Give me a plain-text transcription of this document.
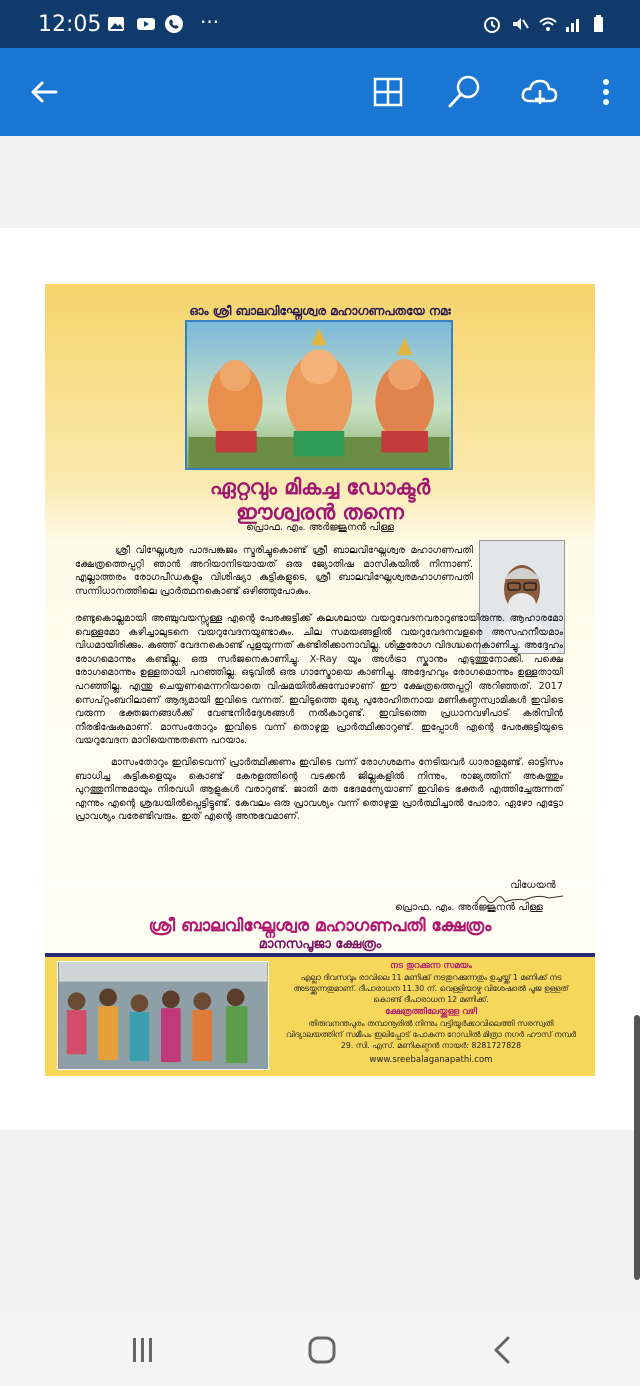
12:05	···
ഓം ശ്രീ ബാലവിഘ്നേശ്വര മഹാഗണപതയേ നമഃ
ഏറ്റവും മികച്ച ഡോക്ടർ
ഈശ്വരൻ തന്നെ
പ്രൊഫ. എം. അർജ്ജുനൻ പിള്ള
ശ്രീ വിഘ്നേശ്വര പാദപങ്കജം സ്മരിച്ചുകൊണ്ട് ശ്രീ ബാലവിഘ്നേശ്വര മഹാഗണപതി ക്ഷേത്രത്തെപ്പറ്റി ഞാൻ അറിയാനിടയായത് ഒരു ജ്യോതിഷ മാസികയിൽ നിന്നാണ്. എല്ലാത്തരം രോഗപീഡകളും വിശിഷ്യാ കുട്ടികളുടെ, ശ്രീ ബാലവിഘ്നേശ്വരമഹാഗണപതി സന്നിധാനത്തിലെ പ്രാർത്ഥനകൊണ്ട് ഒഴിഞ്ഞുപോകും.
രണ്ടുകൊല്ലമായി അഞ്ചുവയസ്സുള്ള എന്റെ പേരക്കുട്ടിക്ക് കലശലായ വയറുവേദനവരാറുണ്ടായിരുന്നു. ആഹാരമോ വെള്ളമോ കഴിച്ചാലുടനെ വയറുവേദനയുണ്ടാകും. ചില സമയങ്ങളിൽ വയറുവേദനവളരെ അസഹനീയമാം വിധമായിരിക്കും. കുഞ്ഞ് വേദനകൊണ്ട് പുളയുന്നത് കണ്ടിരിക്കാനാവില്ല. ശിശുരോഗ വിദഗ്ദ്ധനെകാണിച്ചു. അദ്ദേഹം രോഗമൊന്നും കണ്ടില്ല. ഒരു സർജനെകാണിച്ചു. X-Ray യും അൾട്രാ സ്കാനും എടുത്തുനോക്കി. പക്ഷെ രോഗമൊന്നും ഉള്ളതായി പറഞ്ഞില്ല. ഒടുവിൽ ഒരു ഗാസ്ട്രോയെ കാണിച്ചു. അദ്ദേഹവും രോഗമൊന്നും ഉള്ളതായി പറഞ്ഞില്ല. എന്തു ചെയ്യണമെന്നറിയാതെ വിഷമയിൽക്കുമ്പോഴാണ് ഈ ക്ഷേത്രത്തെപ്പറ്റി അറിഞ്ഞത്. 2017 സെപ്റ്റംബറിലാണ് ആദ്യമായി ഇവിടെ വന്നത്. ഇവിടുത്തെ മുഖ്യ പുരോഹിതനായ മണികണ്ഠസ്വാമികൾ ഇവിടെ വരുന്ന ഭക്തജനങ്ങൾക്ക് വേണ്ടനിർദ്ദേശങ്ങൾ നൽകാറുണ്ട്. ഇവിടത്തെ പ്രധാനവഴിപാട് കരിമ്പിൻ നീരഭിഷേകമാണ്. മാസംതോറും ഇവിടെ വന്ന് തൊഴുതു പ്രാർത്ഥിക്കാറുണ്ട്. ഇപ്പോൾ എന്റെ പേരക്കുട്ടിയുടെ വയറുവേദന മാറിയെന്നുതന്നെ പറയാം.
മാസംതോറും ഇവിടെവന്ന് പ്രാർത്ഥിക്കണം ഇവിടെ വന്ന് രോഗശമനം നേടിയവർ ധാരാളമുണ്ട്. ഓട്ടിസം ബാധിച്ച കുട്ടികളെയും കൊണ്ട് കേരളത്തിന്റെ വടക്കൻ ജില്ലകളിൽ നിന്നും, രാജ്യത്തിന് അകത്തും പുറത്തുനിന്നുമായും നിരവധി ആളുകൾ വരാറുണ്ട്. ജാതി മത ഭേദമന്യേയാണ് ഇവിടെ ഭക്തർ എത്തിച്ചേരുന്നത് എന്നും എന്റെ ശ്രദ്ധയിൽപ്പെട്ടിട്ടുണ്ട്. കേവലം ഒരു പ്രാവശ്യം വന്ന് തൊഴുതു പ്രാർത്ഥിച്ചാൽ പോരാ. ഏഴോ എട്ടോ പ്രാവശ്യം വരേണ്ടിവരും. ഇത് എന്റെ അനുഭവമാണ്.
വിധേയൻ
പ്രൊഫ. എം. അർജ്ജുനൻ പിള്ള
ശ്രീ ബാലവിഘ്നേശ്വര മഹാഗണപതി ക്ഷേത്രം
മാനസപൂജാ ക്ഷേത്രം
നട തുറക്കുന്ന സമയം
എല്ലാ ദിവസവും രാവിലെ 11 മണിക്ക് നടതുറക്കുന്നതും ഉച്ചയ്ക്ക് 1 മണിക്ക് നട അടയ്ക്കുന്നതുമാണ്. ദീപാരാധന 11.30 ന്. വെള്ളിയാഴ്ച വിശേഷാൽ പൂജ ഉള്ളത് കൊണ്ട് ദീപാരാധന 12 മണിക്ക്.
ക്ഷേത്രത്തിലേയ്ക്കുള്ള വഴി
തിരുവനന്തപുരം തമ്പാനൂരിൽ നിന്നും വട്ടിയൂർക്കാവിലെത്തി സരസ്വതി വിദ്യാലയത്തിന് സമീപം ഇലിപ്പോട് പോകുന്ന റോഡിൽ മിത്രാ നഗർ ഹൗസ് നമ്പർ 29. സി. എസ്. മണികണ്ഠൻ നായർ: 8281727828
www.sreebalaganapathi.com
